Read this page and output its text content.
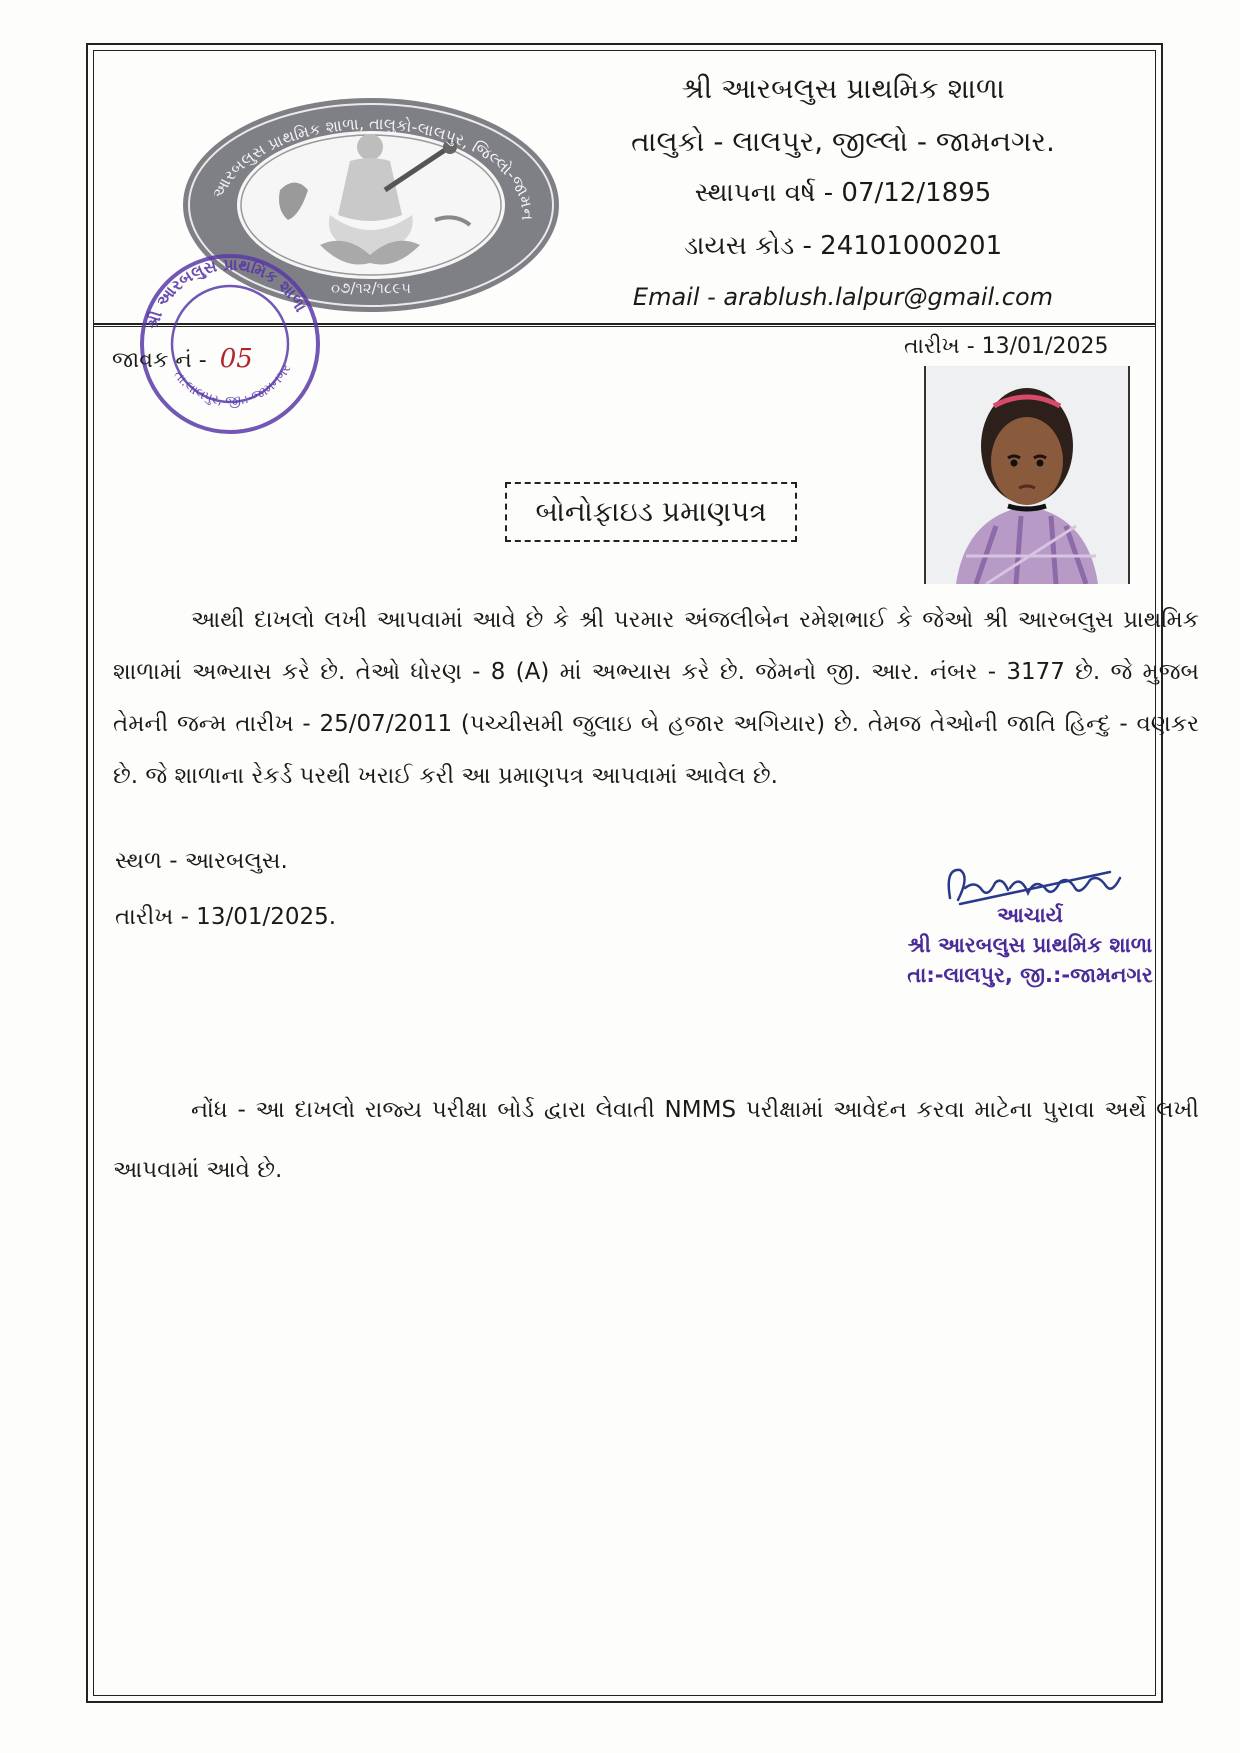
૦૭/૧૨/૧૮૯૫
આરબલુસ પ્રાથમિક શાળા, તાલુકો-લાલપુર, જિલ્લો-જામન
શ્રી આરબલુસ પ્રાથમિક શાળા
તા.લાલપુર, જી.:-જામનગર
શ્રી આરબલુસ પ્રાથમિક શાળા
તાલુકો - લાલપુર, જીલ્લો - જામનગર.
સ્થાપના વર્ષ - 07/12/1895
ડાયસ કોડ - 24101000201
Email - arablush.lalpur@gmail.com
જાવક નં - 05	તારીખ - 13/01/2025
બોનોફાઇડ પ્રમાણપત્ર

આથી દાખલો લખી આપવામાં આવે છે કે શ્રી પરમાર અંજલીબેન રમેશભાઈ કે જેઓ શ્રી આરબલુસ પ્રાથમિક શાળામાં અભ્યાસ કરે છે. તેઓ ધોરણ - 8 (A) માં અભ્યાસ કરે છે. જેમનો જી. આર. નંબર - 3177 છે. જે મુજબ તેમની જન્મ તારીખ - 25/07/2011 (પચ્ચીસમી જુલાઇ બે હજાર અગિયાર) છે. તેમજ તેઓની જાતિ હિન્દુ - વણકર છે. જે શાળાના રેકર્ડ પરથી ખરાઈ કરી આ પ્રમાણપત્ર આપવામાં આવેલ છે.

સ્થળ - આરબલુસ.
તારીખ - 13/01/2025.	આચાર્ય
શ્રી આરબલુસ પ્રાથમિક શાળા
તા:-લાલપુર, જી.:-જામનગર

નોંધ - આ દાખલો રાજ્ય પરીક્ષા બોર્ડ દ્વારા લેવાતી NMMS પરીક્ષામાં આવેદન કરવા માટેના પુરાવા અર્થે લખી આપવામાં આવે છે.
